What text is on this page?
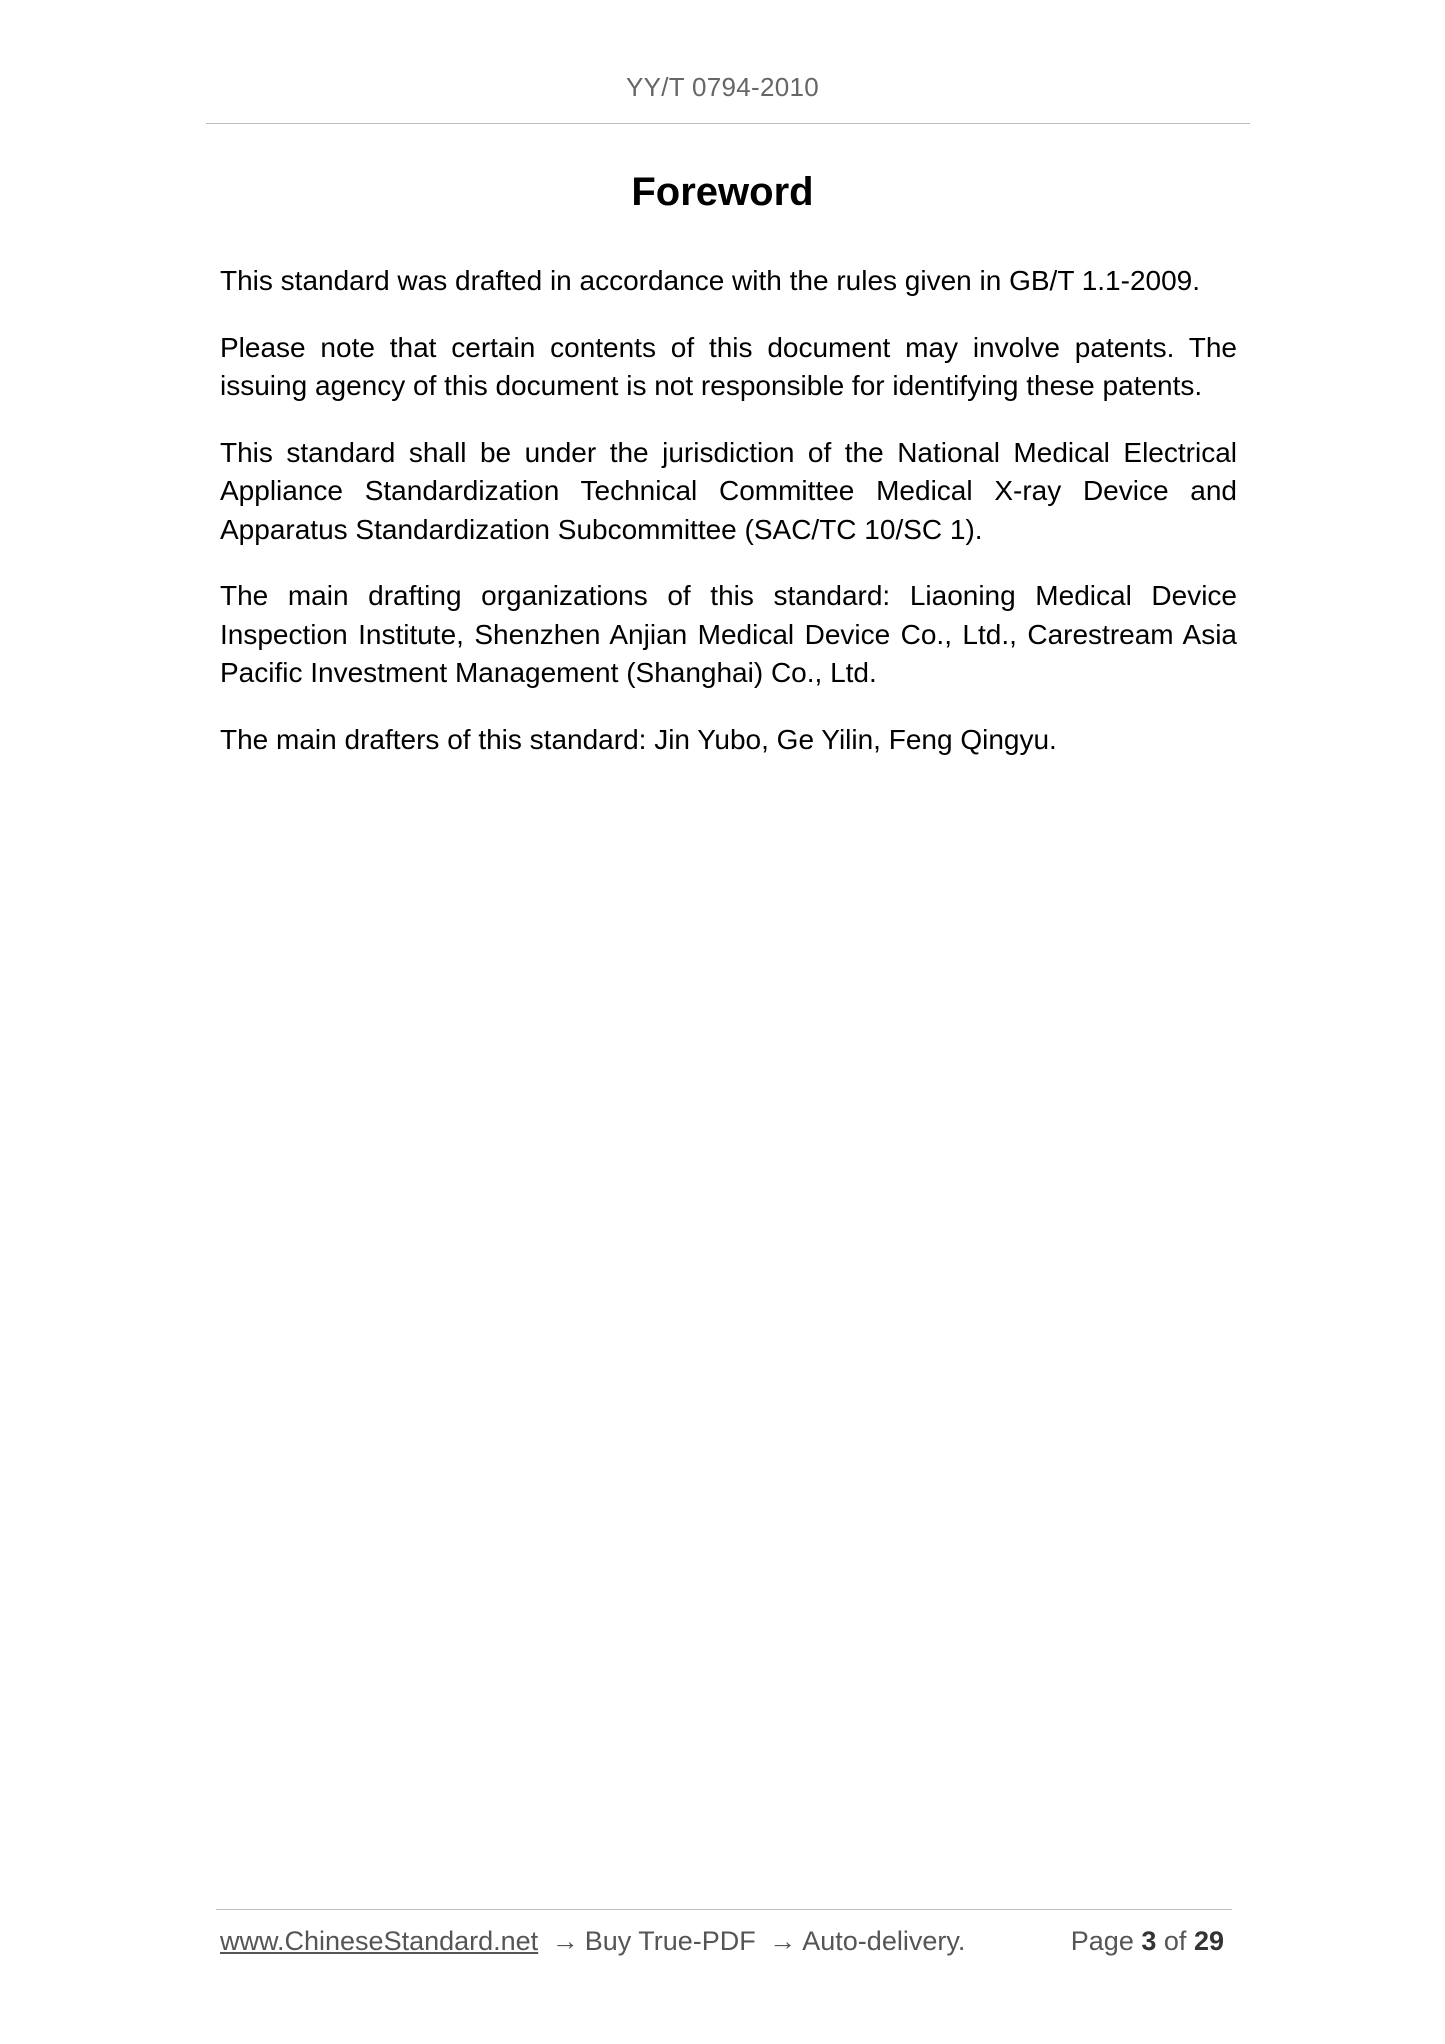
YY/T 0794-2010
Foreword

This standard was drafted in accordance with the rules given in GB/T 1.1-2009.

Please note that certain contents of this document may involve patents. The issuing agency of this document is not responsible for identifying these patents.

This standard shall be under the jurisdiction of the National Medical Electrical Appliance Standardization Technical Committee Medical X-ray Device and Apparatus Standardization Subcommittee (SAC/TC 10/SC 1).

The main drafting organizations of this standard: Liaoning Medical Device Inspection Institute, Shenzhen Anjian Medical Device Co., Ltd., Carestream Asia Pacific Investment Management (Shanghai) Co., Ltd.

The main drafters of this standard: Jin Yubo, Ge Yilin, Feng Qingyu.

www.ChineseStandard.net → Buy True-PDF → Auto-delivery.	Page 3 of 29
